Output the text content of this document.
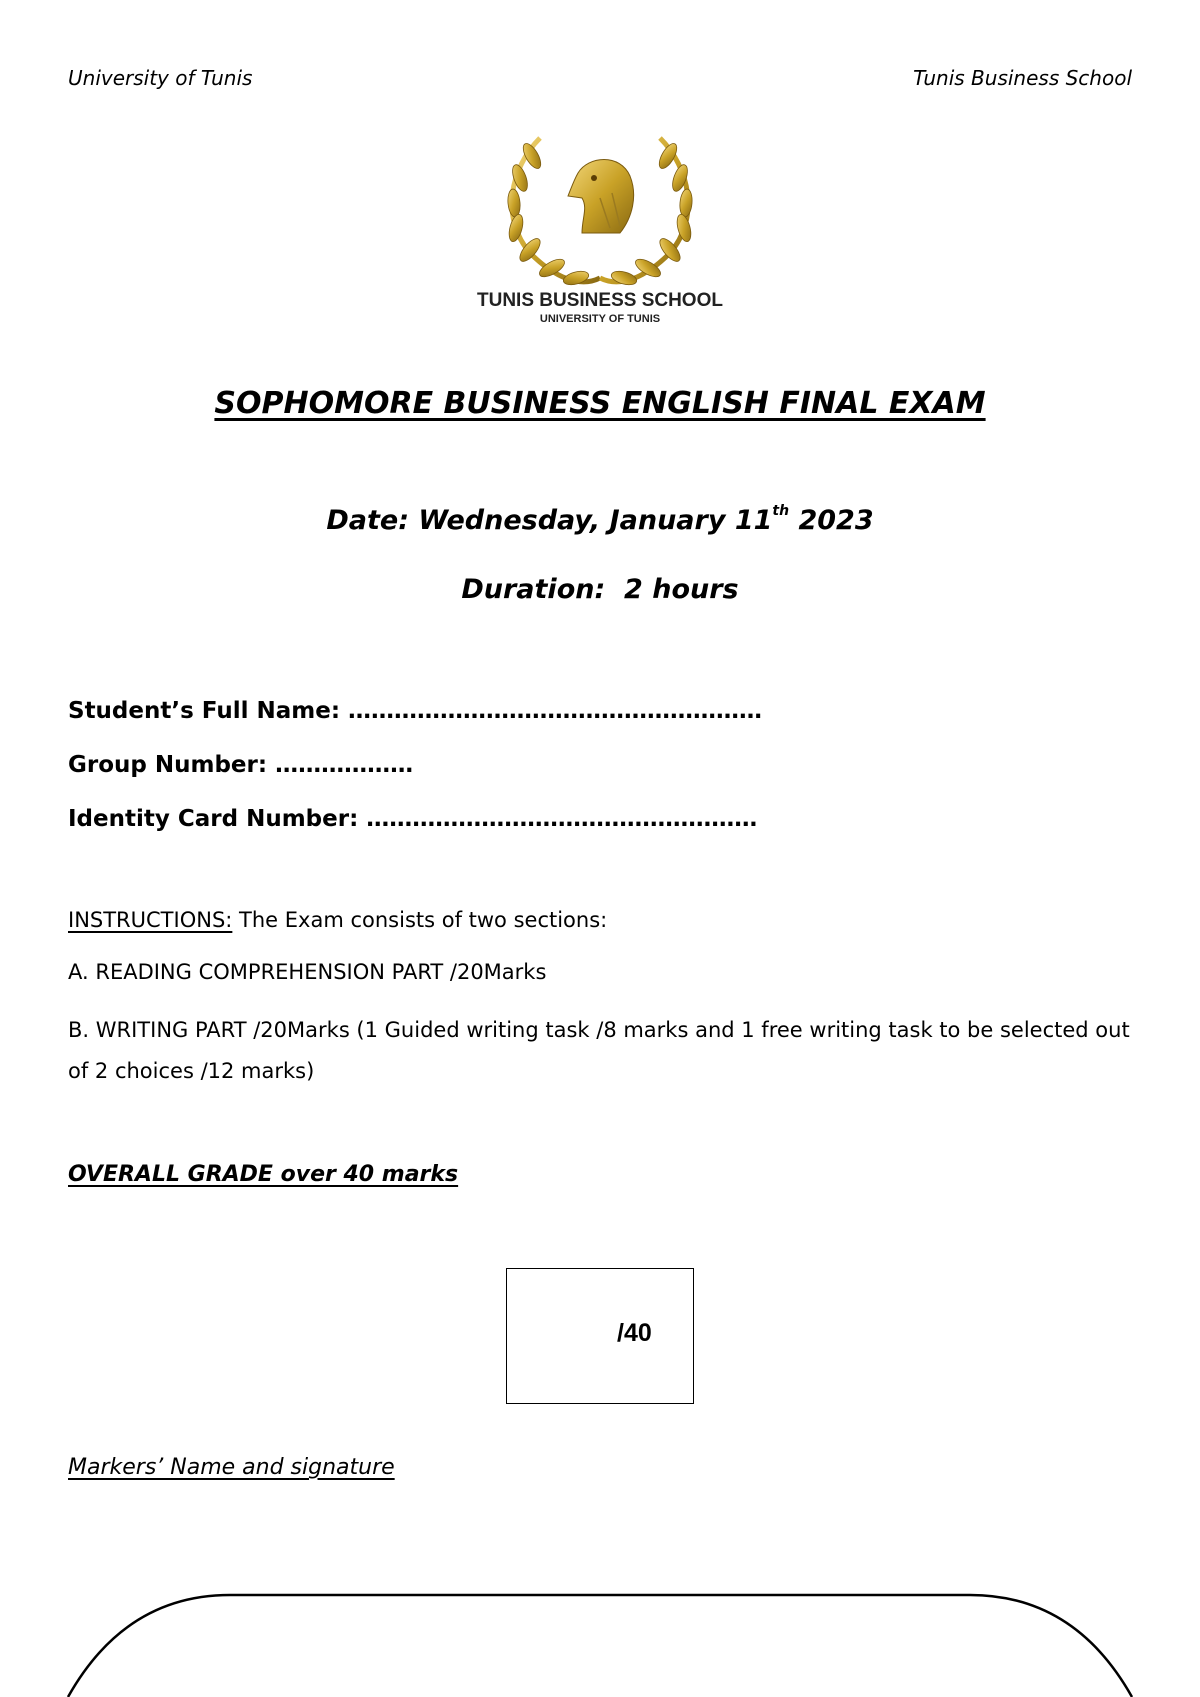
University of Tunis	Tunis Business School
TUNIS BUSINESS SCHOOL
UNIVERSITY OF TUNIS
SOPHOMORE BUSINESS ENGLISH FINAL EXAM
Date: Wednesday, January 11th 2023
Duration:  2 hours
Student’s Full Name: ………………………………………………
Group Number: ………………
Identity Card Number: ……………………………………………
INSTRUCTIONS: The Exam consists of two sections:
A. READING COMPREHENSION PART /20Marks
B. WRITING PART /20Marks (1 Guided writing task /8 marks and 1 free writing task to be selected out of 2 choices /12 marks)
OVERALL GRADE over 40 marks
/40
Markers’ Name and signature
